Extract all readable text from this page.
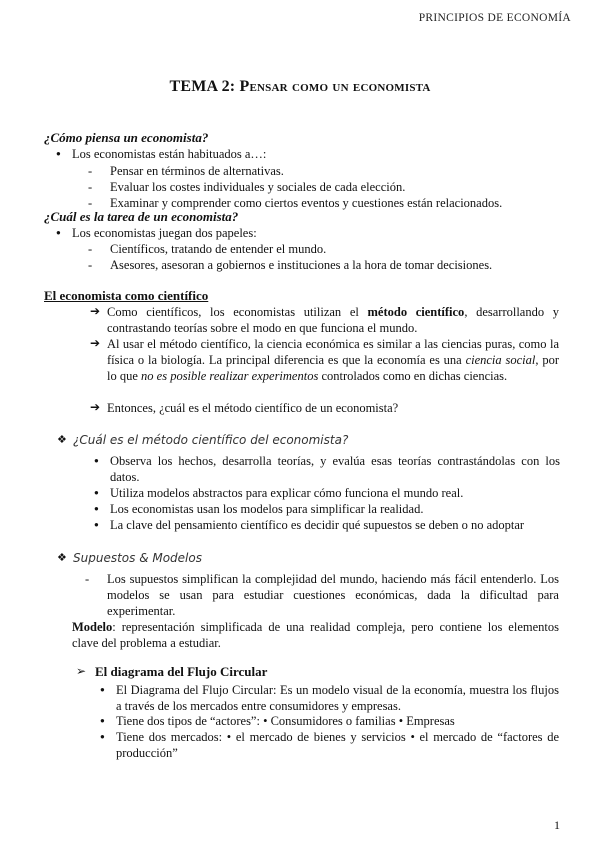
PRINCIPIOS DE ECONOMÍA
TEMA 2: Pensar como un economista
¿Cómo piensa un economista?
● Los economistas están habituados a…:
- Pensar en términos de alternativas.
- Evaluar los costes individuales y sociales de cada elección.
- Examinar y comprender como ciertos eventos y cuestiones están relacionados.
¿Cuál es la tarea de un economista?
● Los economistas juegan dos papeles:
- Científicos, tratando de entender el mundo.
- Asesores, asesoran a gobiernos e instituciones a la hora de tomar decisiones.
El economista como científico
➔ Como científicos, los economistas utilizan el método científico, desarrollando y contrastando teorías sobre el modo en que funciona el mundo.
➔ Al usar el método científico, la ciencia económica es similar a las ciencias puras, como la física o la biología. La principal diferencia es que la economía es una ciencia social, por lo que no es posible realizar experimentos controlados como en dichas ciencias.
➔ Entonces, ¿cuál es el método científico de un economista?
❖ ¿Cuál es el método científico del economista?
● Observa los hechos, desarrolla teorías, y evalúa esas teorías contrastándolas con los datos.
● Utiliza modelos abstractos para explicar cómo funciona el mundo real.
● Los economistas usan los modelos para simplificar la realidad.
● La clave del pensamiento científico es decidir qué supuestos se deben o no adoptar
❖ Supuestos & Modelos
- Los supuestos simplifican la complejidad del mundo, haciendo más fácil entenderlo. Los modelos se usan para estudiar cuestiones económicas, dada la dificultad para experimentar.
Modelo: representación simplificada de una realidad compleja, pero contiene los elementos clave del problema a estudiar.
➢ El diagrama del Flujo Circular
● El Diagrama del Flujo Circular: Es un modelo visual de la economía, muestra los flujos a través de los mercados entre consumidores y empresas.
● Tiene dos tipos de “actores”: • Consumidores o familias • Empresas
● Tiene dos mercados: • el mercado de bienes y servicios • el mercado de “factores de producción”
1
